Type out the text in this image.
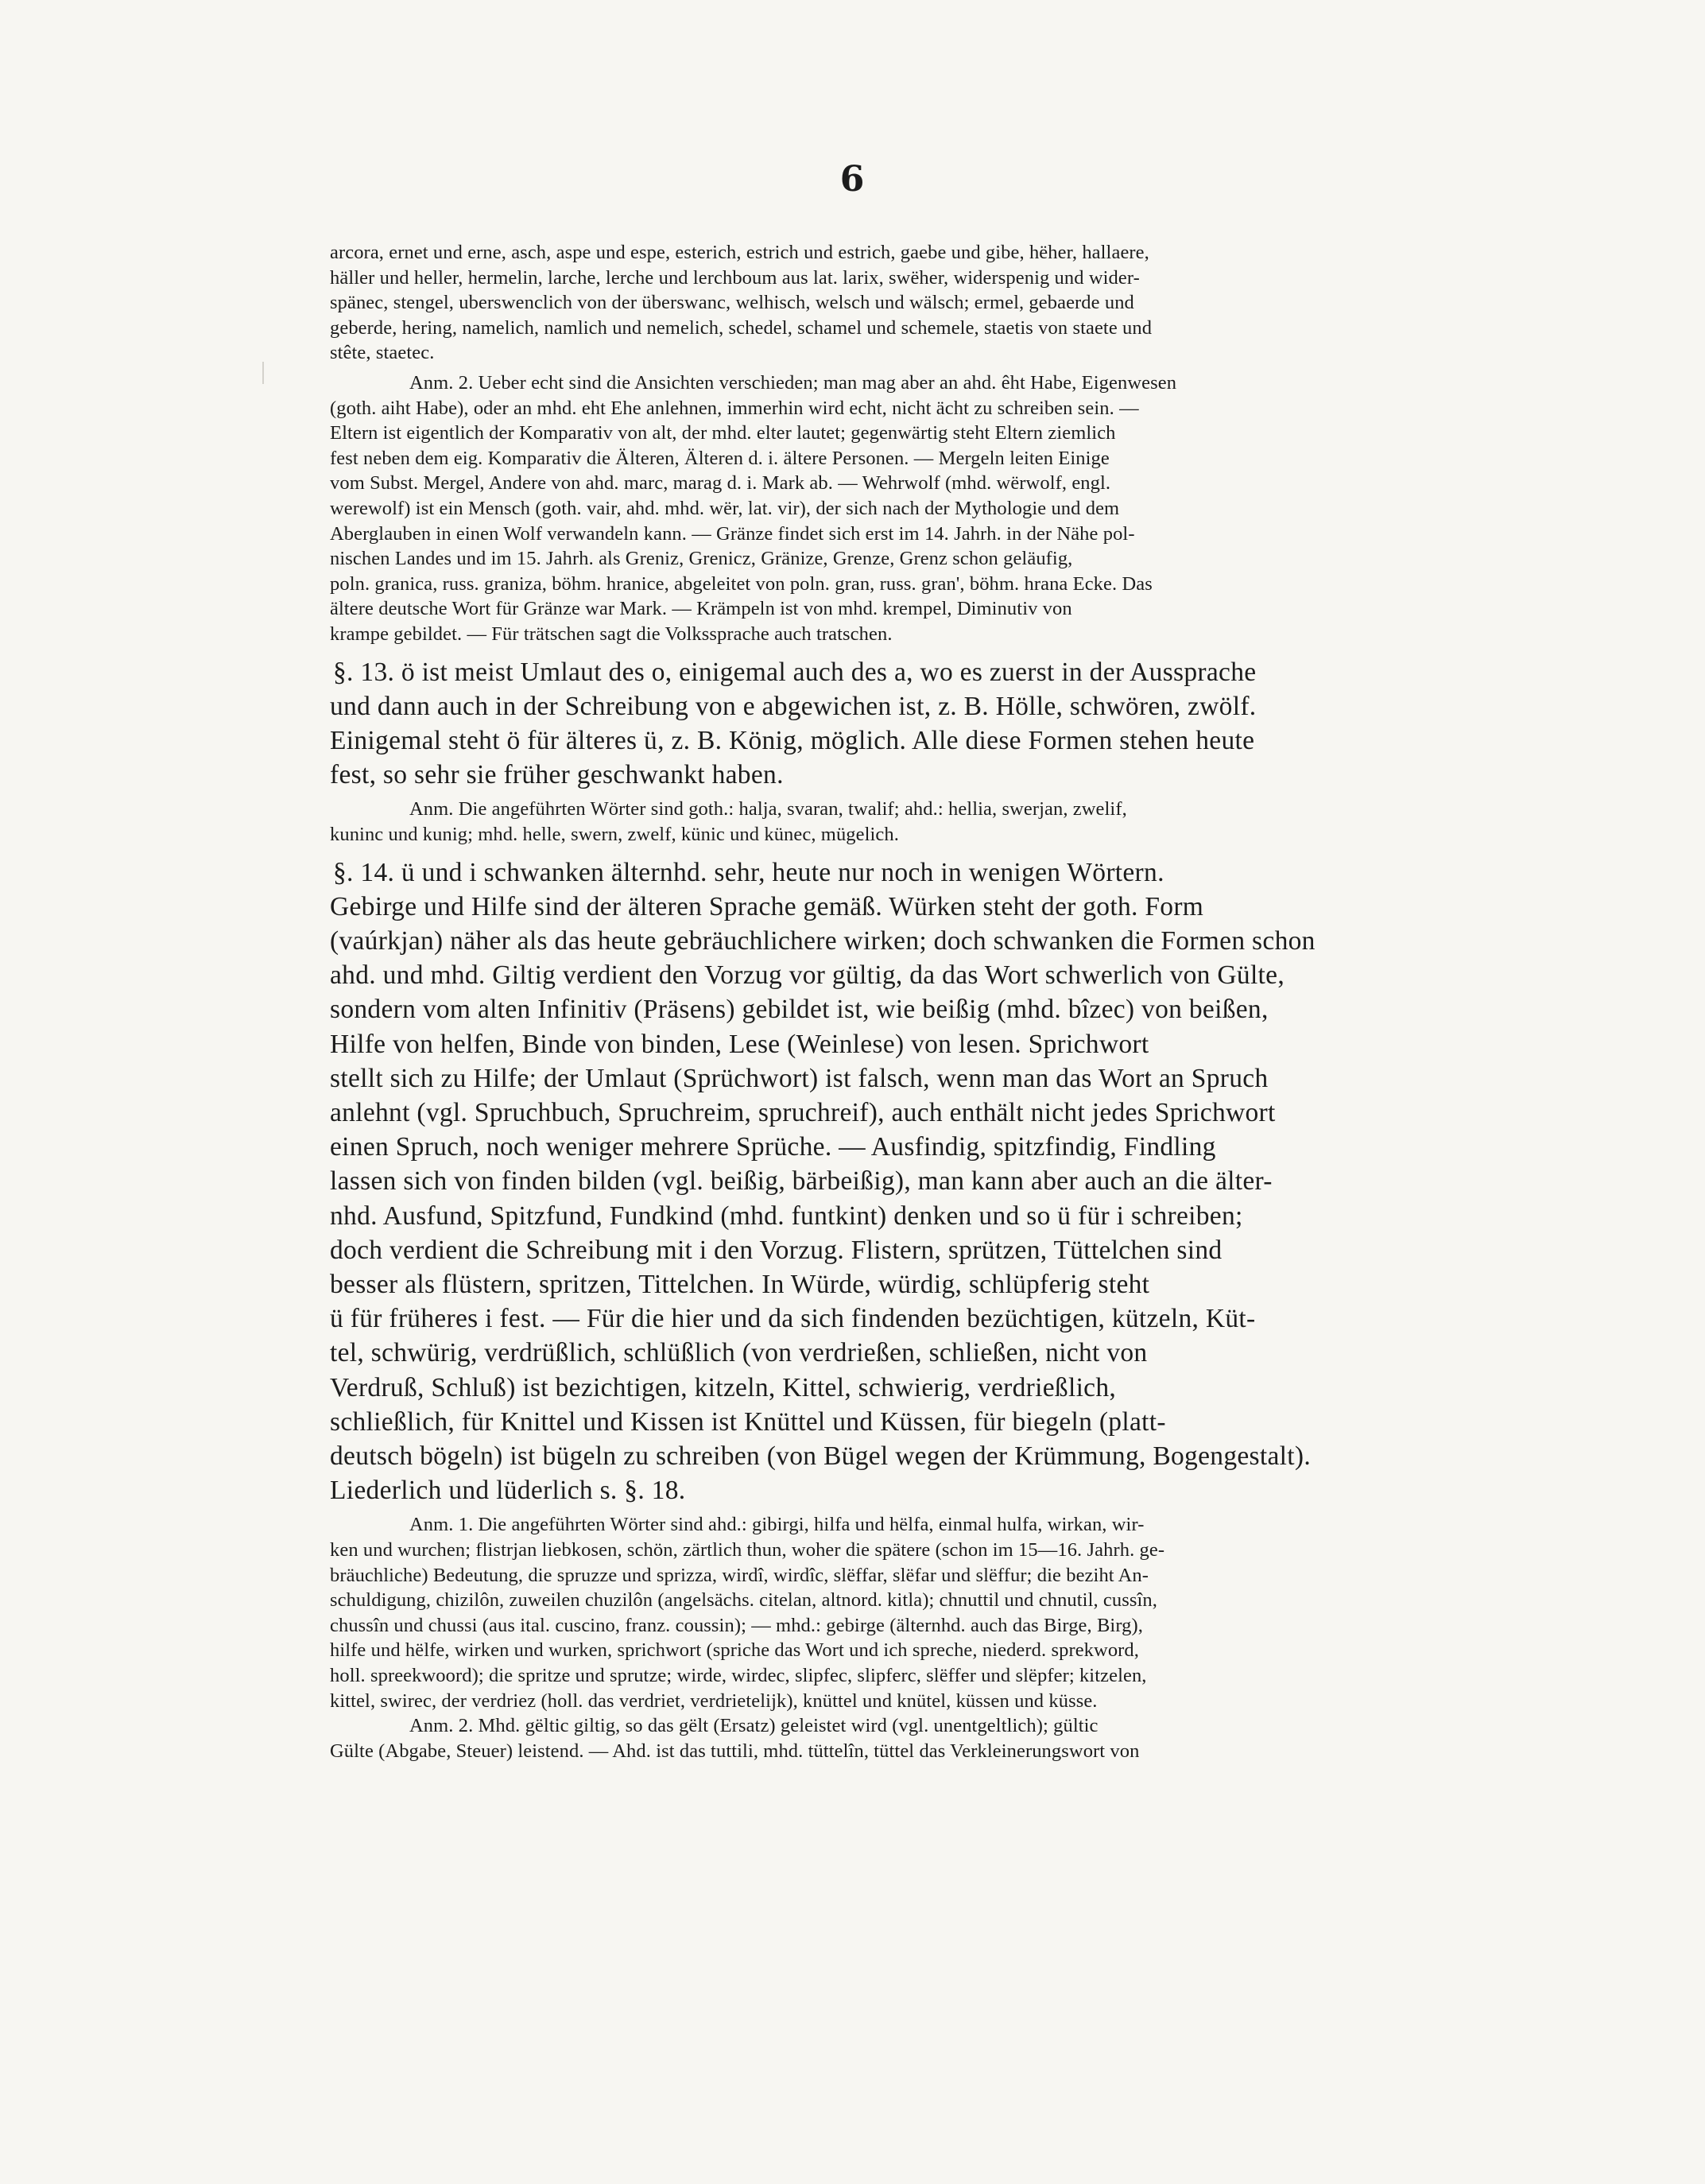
6
arcora, ernet und erne, asch, aspe und espe, esterich, estrich und estrich, gaebe und gibe, hëher, hallaere,
häller und heller, hermelin, larche, lerche und lerchboum aus lat. larix, swëher, widerspenig und wider-
spänec, stengel, uberswenclich von der überswanc, welhisch, welsch und wälsch; ermel, gebaerde und
geberde, hering, namelich, namlich und nemelich, schedel, schamel und schemele, staetis von staete und
stête, staetec.
Anm. 2. Ueber echt sind die Ansichten verschieden; man mag aber an ahd. êht Habe, Eigenwesen
(goth. aiht Habe), oder an mhd. eht Ehe anlehnen, immerhin wird echt, nicht ächt zu schreiben sein. —
Eltern ist eigentlich der Komparativ von alt, der mhd. elter lautet; gegenwärtig steht Eltern ziemlich
fest neben dem eig. Komparativ die Älteren, Älteren d. i. ältere Personen. — Mergeln leiten Einige
vom Subst. Mergel, Andere von ahd. marc, marag d. i. Mark ab. — Wehrwolf (mhd. wërwolf, engl.
werewolf) ist ein Mensch (goth. vair, ahd. mhd. wër, lat. vir), der sich nach der Mythologie und dem
Aberglauben in einen Wolf verwandeln kann. — Gränze findet sich erst im 14. Jahrh. in der Nähe pol-
nischen Landes und im 15. Jahrh. als Greniz, Grenicz, Gränize, Grenze, Grenz schon geläufig,
poln. granica, russ. graniza, böhm. hranice, abgeleitet von poln. gran, russ. gran', böhm. hrana Ecke. Das
ältere deutsche Wort für Gränze war Mark. — Krämpeln ist von mhd. krempel, Diminutiv von
krampe gebildet. — Für trätschen sagt die Volkssprache auch tratschen.
§. 13. ö ist meist Umlaut des o, einigemal auch des a, wo es zuerst in der Aussprache
und dann auch in der Schreibung von e abgewichen ist, z. B. Hölle, schwören, zwölf.
Einigemal steht ö für älteres ü, z. B. König, möglich. Alle diese Formen stehen heute
fest, so sehr sie früher geschwankt haben.
Anm. Die angeführten Wörter sind goth.: halja, svaran, twalif; ahd.: hellia, swerjan, zwelif,
kuninc und kunig; mhd. helle, swern, zwelf, künic und künec, mügelich.
§. 14. ü und i schwanken älternhd. sehr, heute nur noch in wenigen Wörtern.
Gebirge und Hilfe sind der älteren Sprache gemäß. Würken steht der goth. Form
(vaúrkjan) näher als das heute gebräuchlichere wirken; doch schwanken die Formen schon
ahd. und mhd. Giltig verdient den Vorzug vor gültig, da das Wort schwerlich von Gülte,
sondern vom alten Infinitiv (Präsens) gebildet ist, wie beißig (mhd. bîzec) von beißen,
Hilfe von helfen, Binde von binden, Lese (Weinlese) von lesen. Sprichwort
stellt sich zu Hilfe; der Umlaut (Sprüchwort) ist falsch, wenn man das Wort an Spruch
anlehnt (vgl. Spruchbuch, Spruchreim, spruchreif), auch enthält nicht jedes Sprichwort
einen Spruch, noch weniger mehrere Sprüche. — Ausfindig, spitzfindig, Findling
lassen sich von finden bilden (vgl. beißig, bärbeißig), man kann aber auch an die älter-
nhd. Ausfund, Spitzfund, Fundkind (mhd. funtkint) denken und so ü für i schreiben;
doch verdient die Schreibung mit i den Vorzug. Flistern, sprützen, Tüttelchen sind
besser als flüstern, spritzen, Tittelchen. In Würde, würdig, schlüpferig steht
ü für früheres i fest. — Für die hier und da sich findenden bezüchtigen, kützeln, Küt-
tel, schwürig, verdrüßlich, schlüßlich (von verdrießen, schließen, nicht von
Verdruß, Schluß) ist bezichtigen, kitzeln, Kittel, schwierig, verdrießlich,
schließlich, für Knittel und Kissen ist Knüttel und Küssen, für biegeln (platt-
deutsch bögeln) ist bügeln zu schreiben (von Bügel wegen der Krümmung, Bogengestalt).
Liederlich und lüderlich s. §. 18.
Anm. 1. Die angeführten Wörter sind ahd.: gibirgi, hilfa und hëlfa, einmal hulfa, wirkan, wir-
ken und wurchen; flistrjan liebkosen, schön, zärtlich thun, woher die spätere (schon im 15—16. Jahrh. ge-
bräuchliche) Bedeutung, die spruzze und sprizza, wirdî, wirdîc, slëffar, slëfar und slëffur; die beziht An-
schuldigung, chizilôn, zuweilen chuzilôn (angelsächs. citelan, altnord. kitla); chnuttil und chnutil, cussîn,
chussîn und chussi (aus ital. cuscino, franz. coussin); — mhd.: gebirge (älternhd. auch das Birge, Birg),
hilfe und hëlfe, wirken und wurken, sprichwort (spriche das Wort und ich spreche, niederd. sprekword,
holl. spreekwoord); die spritze und sprutze; wirde, wirdec, slipfec, slipferc, slëffer und slëpfer; kitzelen,
kittel, swirec, der verdriez (holl. das verdriet, verdrietelijk), knüttel und knütel, küssen und küsse.
Anm. 2. Mhd. gëltic giltig, so das gëlt (Ersatz) geleistet wird (vgl. unentgeltlich); gültic
Gülte (Abgabe, Steuer) leistend. — Ahd. ist das tuttili, mhd. tüttelîn, tüttel das Verkleinerungswort von
